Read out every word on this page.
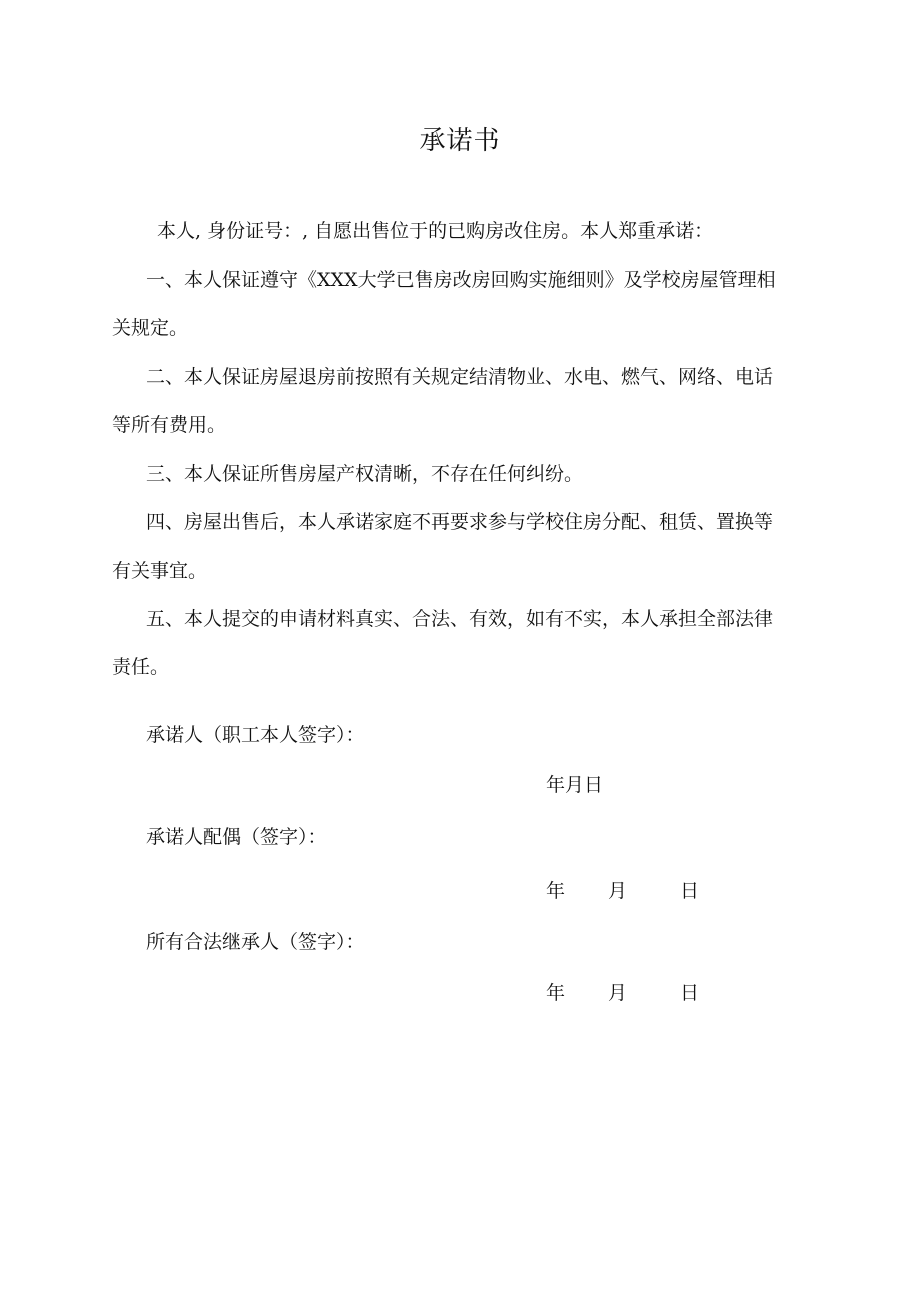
承诺书
本人, 身份证号：, 自愿出售位于的已购房改住房。本人郑重承诺：
一、本人保证遵守《XXX大学已售房改房回购实施细则》及学校房屋管理相
关规定。
二、本人保证房屋退房前按照有关规定结清物业、水电、燃气、网络、电话
等所有费用。
三、本人保证所售房屋产权清晰，不存在任何纠纷。
四、房屋出售后，本人承诺家庭不再要求参与学校住房分配、租赁、置换等
有关事宜。
五、本人提交的申请材料真实、合法、有效，如有不实，本人承担全部法律
责任。
承诺人（职工本人签字）：
年月日
承诺人配偶（签字）：
年 月	日
所有合法继承人（签字）：
年 月	日
